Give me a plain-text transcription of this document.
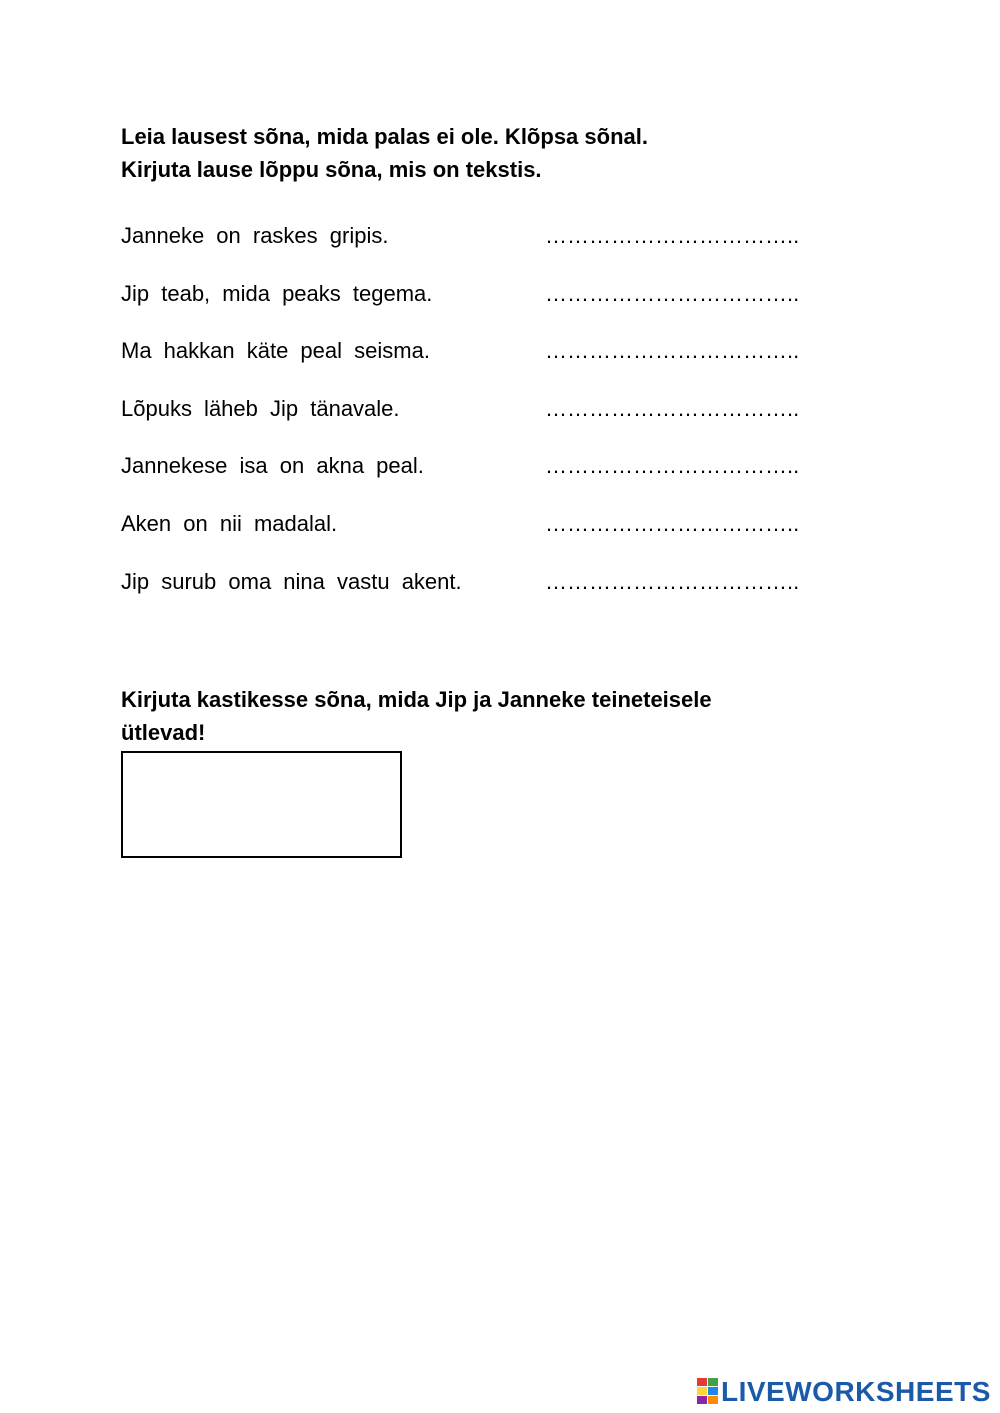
Leia lausest sõna, mida palas ei ole. Klõpsa sõnal.
Kirjuta lause lõppu sõna, mis on tekstis.
Janneke on raskes gripis.	……………………………..
Jip teab, mida peaks tegema.	……………………………..
Ma hakkan käte peal seisma.	……………………………..
Lõpuks läheb Jip tänavale.	……………………………..
Jannekese isa on akna peal.	……………………………..
Aken on nii madalal.	……………………………..
Jip surub oma nina vastu akent.	……………………………..
Kirjuta kastikesse sõna, mida Jip ja Janneke teineteisele
ütlevad!
LIVEWORKSHEETS
